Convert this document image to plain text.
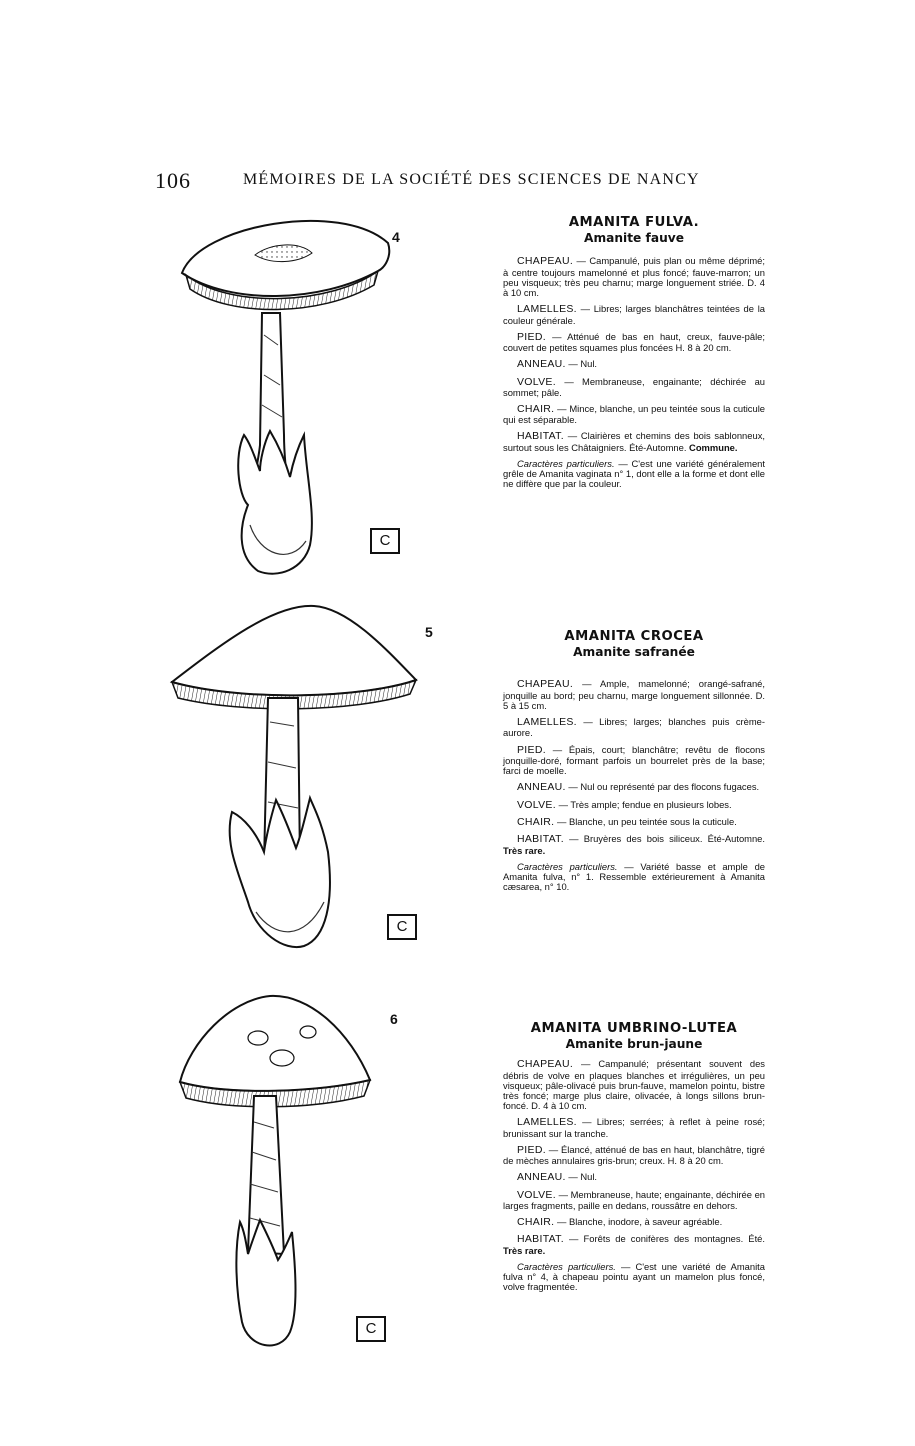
106	MÉMOIRES DE LA SOCIÉTÉ DES SCIENCES DE NANCY
4
C
5
C
6
C
AMANITA FULVA.
Amanite fauve

CHAPEAU. — Campanulé, puis plan ou même déprimé; à centre toujours mamelonné et plus foncé; fauve-marron; un peu visqueux; très peu charnu; marge longuement striée. D. 4 à 10 cm.

LAMELLES. — Libres; larges blanchâtres teintées de la couleur générale.

PIED. — Atténué de bas en haut, creux, fauve-pâle; couvert de petites squames plus foncées H. 8 à 20 cm.

ANNEAU. — Nul.

VOLVE. — Membraneuse, engainante; déchirée au sommet; pâle.

CHAIR. — Mince, blanche, un peu teintée sous la cuticule qui est séparable.

HABITAT. — Clairières et chemins des bois sablonneux, surtout sous les Châtaigniers. Été-Automne. Commune.

Caractères particuliers. — C'est une variété généralement grêle de Amanita vaginata n° 1, dont elle a la forme et dont elle ne diffère que par la couleur.

AMANITA CROCEA
Amanite safranée

CHAPEAU. — Ample, mamelonné; orangé-safrané, jonquille au bord; peu charnu, marge longuement sillonnée. D. 5 à 15 cm.

LAMELLES. — Libres; larges; blanches puis crème-aurore.

PIED. — Épais, court; blanchâtre; revêtu de flocons jonquille-doré, formant parfois un bourrelet près de la base; farci de moelle.

ANNEAU. — Nul ou représenté par des flocons fugaces.

VOLVE. — Très ample; fendue en plusieurs lobes.

CHAIR. — Blanche, un peu teintée sous la cuticule.

HABITAT. — Bruyères des bois siliceux. Été-Automne. Très rare.

Caractères particuliers. — Variété basse et ample de Amanita fulva, n° 1. Ressemble extérieurement à Amanita cæsarea, n° 10.

AMANITA UMBRINO-LUTEA
Amanite brun-jaune

CHAPEAU. — Campanulé; présentant souvent des débris de volve en plaques blanches et irrégulières, un peu visqueux; pâle-olivacé puis brun-fauve, mamelon pointu, bistre très foncé; marge plus claire, olivacée, à longs sillons brun-foncé. D. 4 à 10 cm.

LAMELLES. — Libres; serrées; à reflet à peine rosé; brunissant sur la tranche.

PIED. — Élancé, atténué de bas en haut, blanchâtre, tigré de mèches annulaires gris-brun; creux. H. 8 à 20 cm.

ANNEAU. — Nul.

VOLVE. — Membraneuse, haute; engainante, déchirée en larges fragments, paille en dedans, roussâtre en dehors.

CHAIR. — Blanche, inodore, à saveur agréable.

HABITAT. — Forêts de conifères des montagnes. Été. Très rare.

Caractères particuliers. — C'est une variété de Amanita fulva n° 4, à chapeau pointu ayant un mamelon plus foncé, volve fragmentée.
